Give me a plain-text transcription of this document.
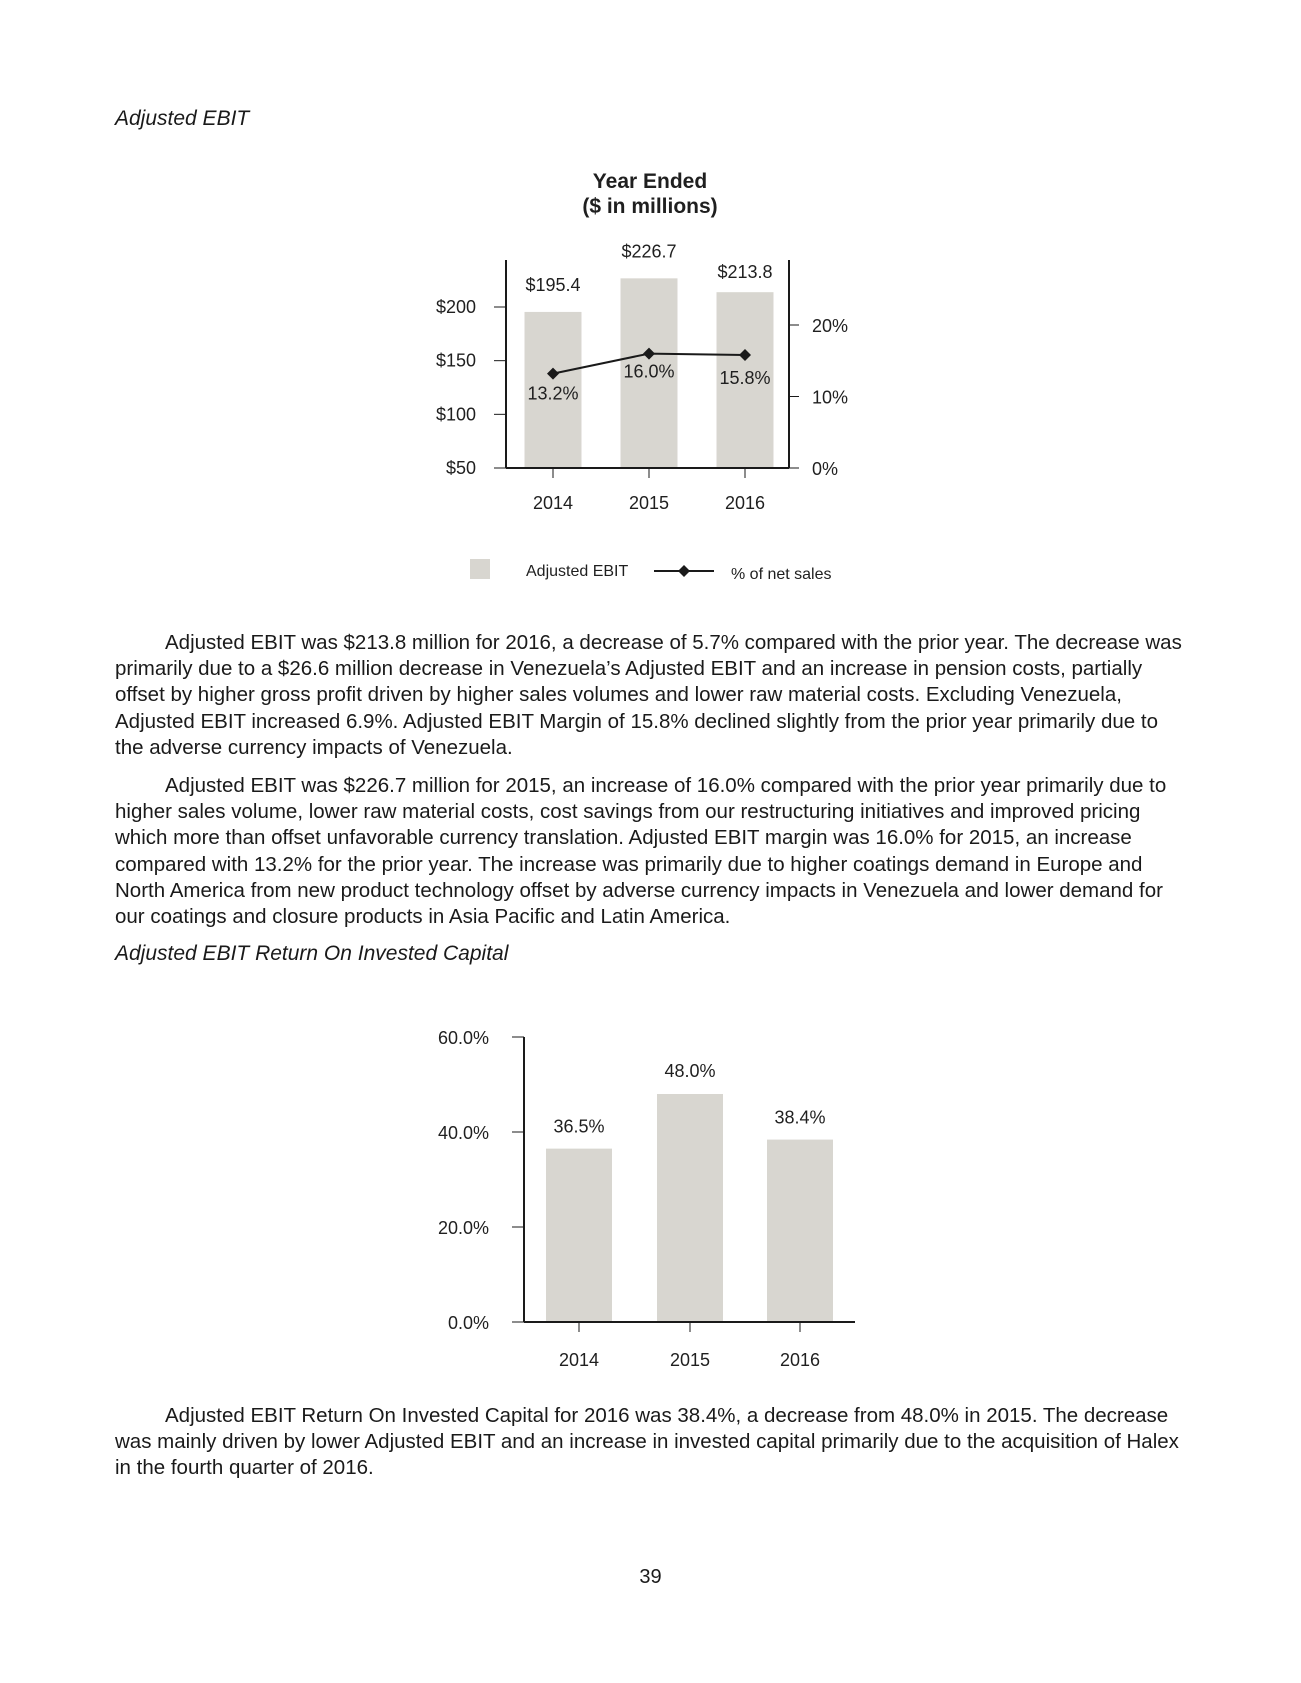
Adjusted EBIT
Year Ended
($ in millions)
$195.4
$226.7
$213.8
$50
$100
$150
$200
0%
10%
20%
2014	2015	2016
13.2%
16.0% 15.8%
Adjusted EBIT	% of net sales
Adjusted EBIT was $213.8 million for 2016, a decrease of 5.7% compared with the prior year. The decrease was primarily due to a $26.6 million decrease in Venezuela’s Adjusted EBIT and an increase in pension costs, partially offset by higher gross profit driven by higher sales volumes and lower raw material costs. Excluding Venezuela, Adjusted EBIT increased 6.9%. Adjusted EBIT Margin of 15.8% declined slightly from the prior year primarily due to the adverse currency impacts of Venezuela.
Adjusted EBIT was $226.7 million for 2015, an increase of 16.0% compared with the prior year primarily due to higher sales volume, lower raw material costs, cost savings from our restructuring initiatives and improved pricing which more than offset unfavorable currency translation. Adjusted EBIT margin was 16.0% for 2015, an increase compared with 13.2% for the prior year. The increase was primarily due to higher coatings demand in Europe and North America from new product technology offset by adverse currency impacts in Venezuela and lower demand for our coatings and closure products in Asia Pacific and Latin America.
Adjusted EBIT Return On Invested Capital
36.5%
48.0%
38.4%
0.0%
20.0%
40.0%
60.0%
2014	2015	2016
Adjusted EBIT Return On Invested Capital for 2016 was 38.4%, a decrease from 48.0% in 2015. The decrease was mainly driven by lower Adjusted EBIT and an increase in invested capital primarily due to the acquisition of Halex in the fourth quarter of 2016.
39
